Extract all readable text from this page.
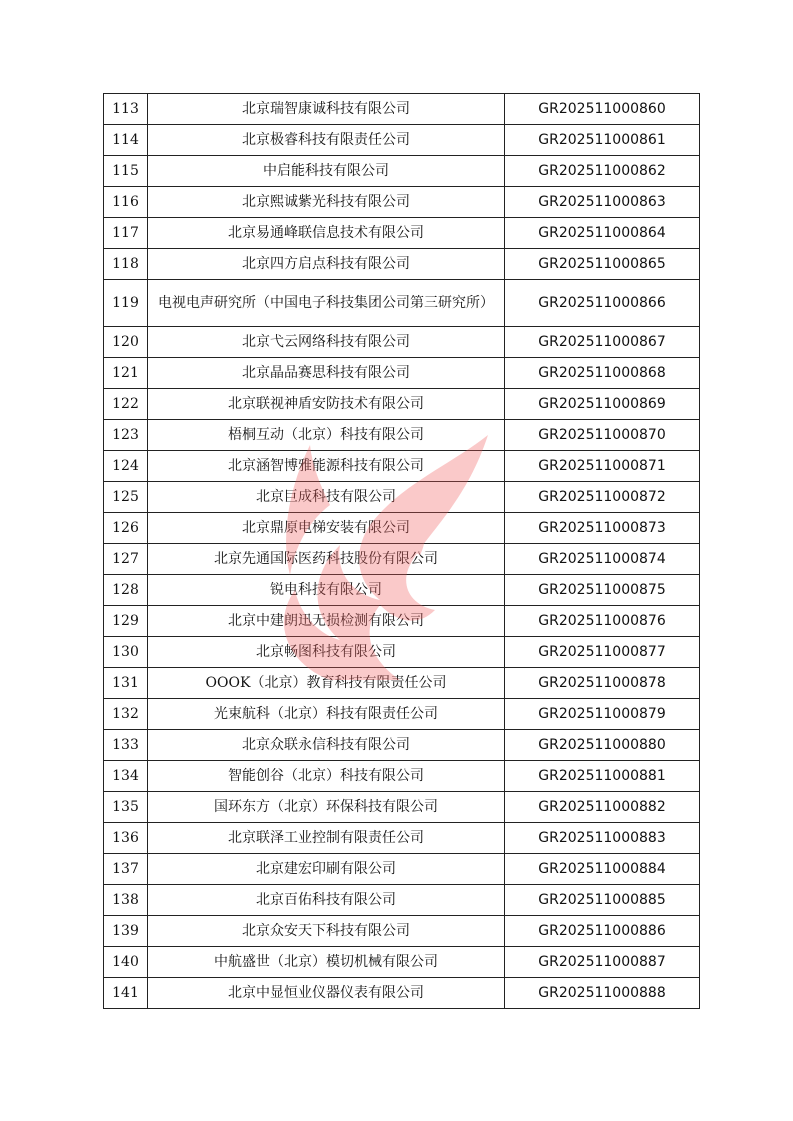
113	北京瑞智康诚科技有限公司	GR202511000860
114	北京极睿科技有限责任公司	GR202511000861
115	中启能科技有限公司	GR202511000862
116	北京熙诚紫光科技有限公司	GR202511000863
117	北京易通峰联信息技术有限公司	GR202511000864
118	北京四方启点科技有限公司	GR202511000865
119	电视电声研究所（中国电子科技集团公司第三研究所）	GR202511000866
120	北京弋云网络科技有限公司	GR202511000867
121	北京晶品赛思科技有限公司	GR202511000868
122	北京联视神盾安防技术有限公司	GR202511000869
123	梧桐互动（北京）科技有限公司	GR202511000870
124	北京涵智博雅能源科技有限公司	GR202511000871
125	北京巨成科技有限公司	GR202511000872
126	北京鼎原电梯安装有限公司	GR202511000873
127	北京先通国际医药科技股份有限公司	GR202511000874
128	锐电科技有限公司	GR202511000875
129	北京中建朗迅无损检测有限公司	GR202511000876
130	北京畅图科技有限公司	GR202511000877
131	OOOK（北京）教育科技有限责任公司	GR202511000878
132	光束航科（北京）科技有限责任公司	GR202511000879
133	北京众联永信科技有限公司	GR202511000880
134	智能创谷（北京）科技有限公司	GR202511000881
135	国环东方（北京）环保科技有限公司	GR202511000882
136	北京联泽工业控制有限责任公司	GR202511000883
137	北京建宏印刷有限公司	GR202511000884
138	北京百佑科技有限公司	GR202511000885
139	北京众安天下科技有限公司	GR202511000886
140	中航盛世（北京）模切机械有限公司	GR202511000887
141	北京中显恒业仪器仪表有限公司	GR202511000888
